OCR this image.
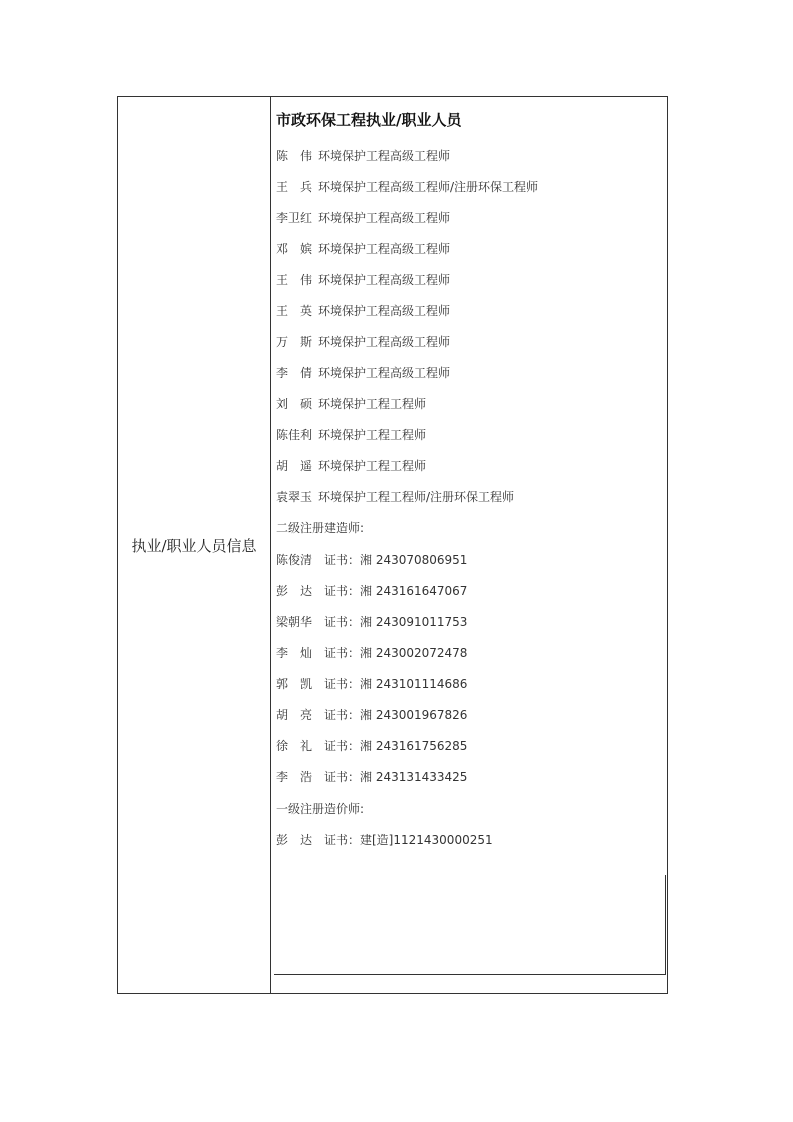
执业/职业人员信息
市政环保工程执业/职业人员
陈　伟 环境保护工程高级工程师
王　兵 环境保护工程高级工程师/注册环保工程师
李卫红 环境保护工程高级工程师
邓　嫔 环境保护工程高级工程师
王　伟 环境保护工程高级工程师
王　英 环境保护工程高级工程师
万　斯 环境保护工程高级工程师
李　倩 环境保护工程高级工程师
刘　硕 环境保护工程工程师
陈佳利 环境保护工程工程师
胡　遥 环境保护工程工程师
袁翠玉 环境保护工程工程师/注册环保工程师
二级注册建造师:
陈俊清 证书：湘 243070806951
彭　达 证书：湘 243161647067
梁朝华 证书：湘 243091011753
李　灿 证书：湘 243002072478
郭　凯 证书：湘 243101114686
胡　亮 证书：湘 243001967826
徐　礼 证书：湘 243161756285
李　浩 证书：湘 243131433425
一级注册造价师:
彭　达 证书：建[造]1121430000251
